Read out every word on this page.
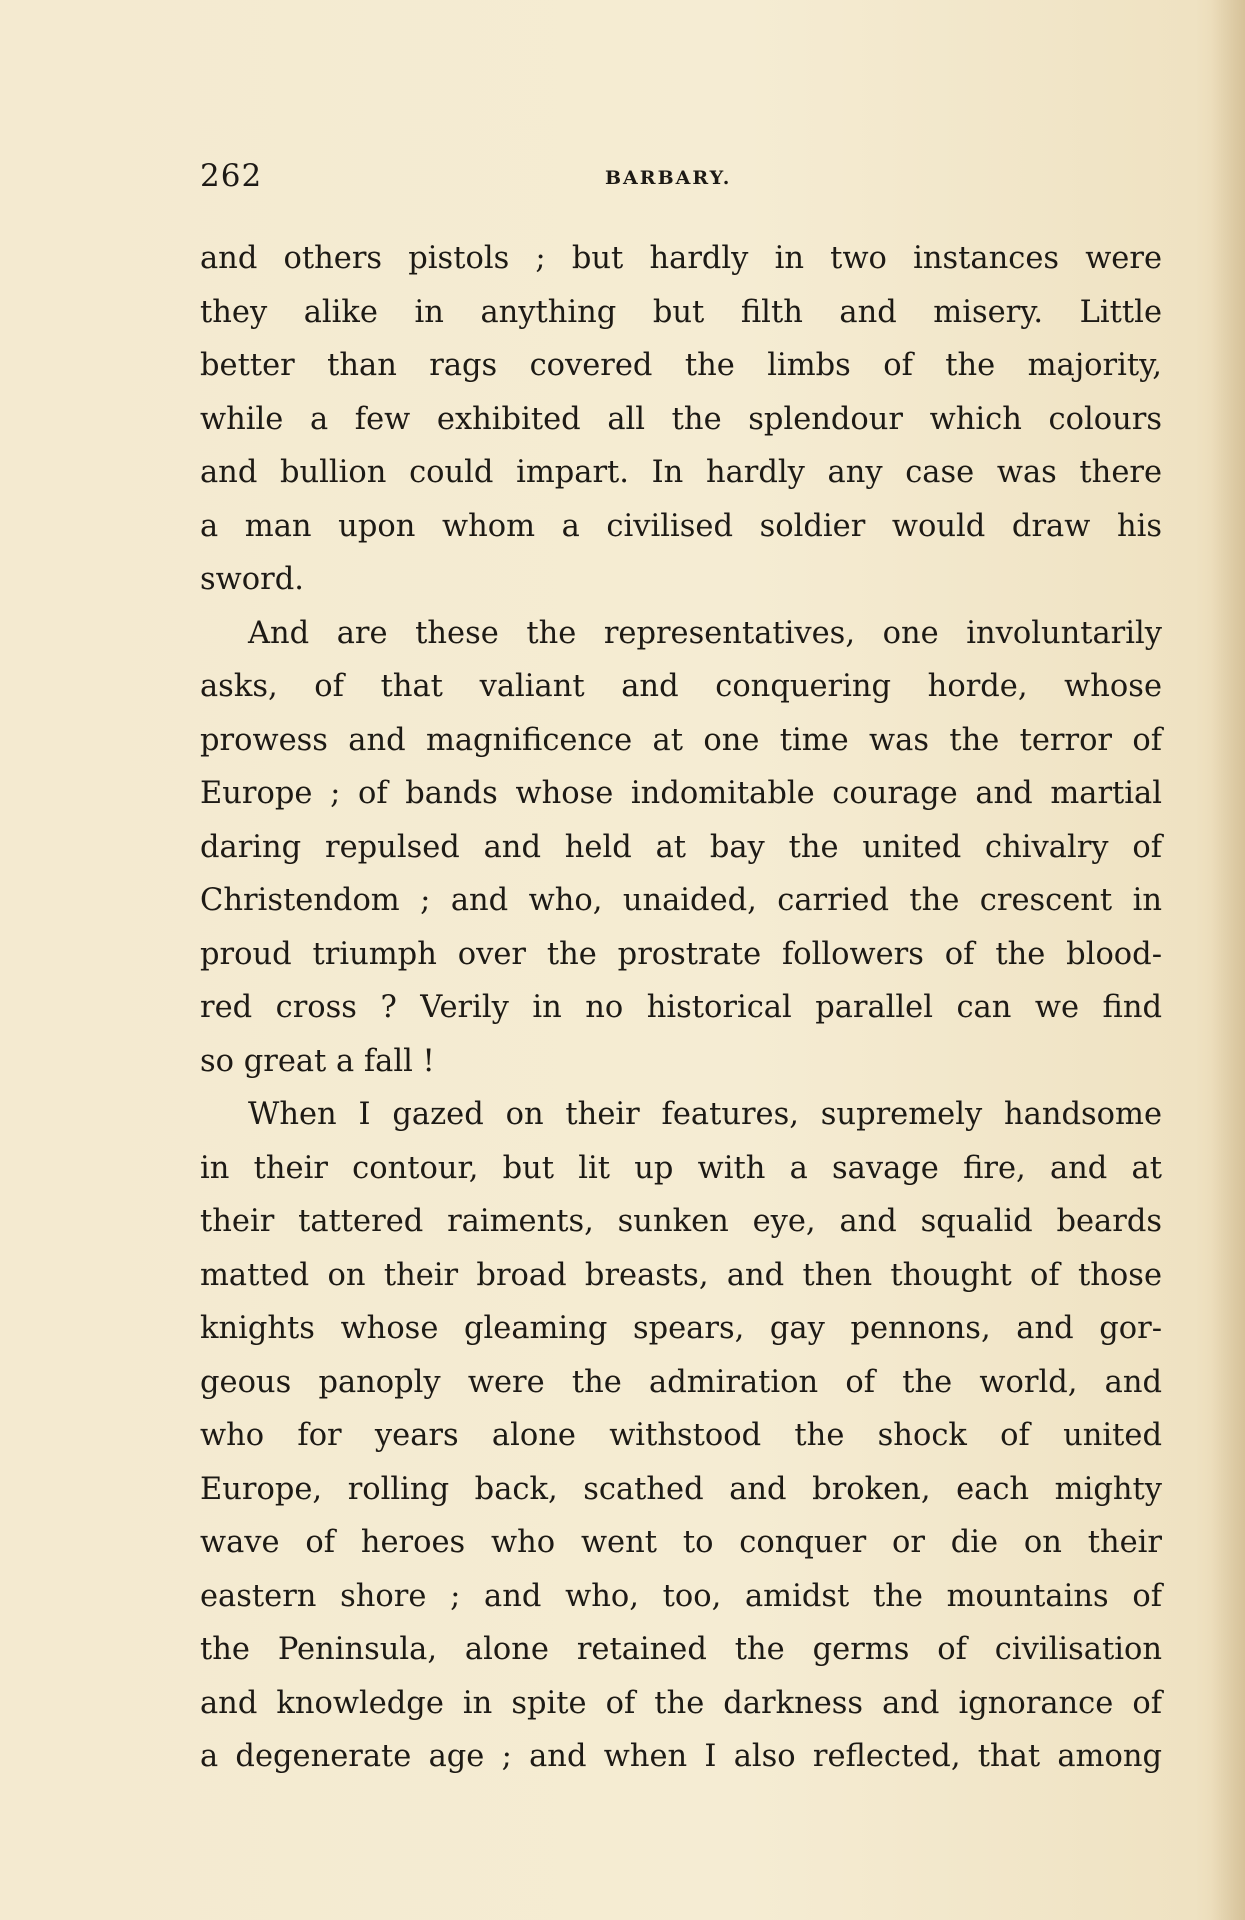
262	BARBARY.
and others pistols ; but hardly in two instances were
they alike in anything but filth and misery. Little
better than rags covered the limbs of the majority,
while a few exhibited all the splendour which colours
and bullion could impart. In hardly any case was there
a man upon whom a civilised soldier would draw his
sword.
And are these the representatives, one involuntarily
asks, of that valiant and conquering horde, whose
prowess and magnificence at one time was the terror of
Europe ; of bands whose indomitable courage and martial
daring repulsed and held at bay the united chivalry of
Christendom ; and who, unaided, carried the crescent in
proud triumph over the prostrate followers of the blood-
red cross ? Verily in no historical parallel can we find
so great a fall !
When I gazed on their features, supremely handsome
in their contour, but lit up with a savage fire, and at
their tattered raiments, sunken eye, and squalid beards
matted on their broad breasts, and then thought of those
knights whose gleaming spears, gay pennons, and gor-
geous panoply were the admiration of the world, and
who for years alone withstood the shock of united
Europe, rolling back, scathed and broken, each mighty
wave of heroes who went to conquer or die on their
eastern shore ; and who, too, amidst the mountains of
the Peninsula, alone retained the germs of civilisation
and knowledge in spite of the darkness and ignorance of
a degenerate age ; and when I also reflected, that among
